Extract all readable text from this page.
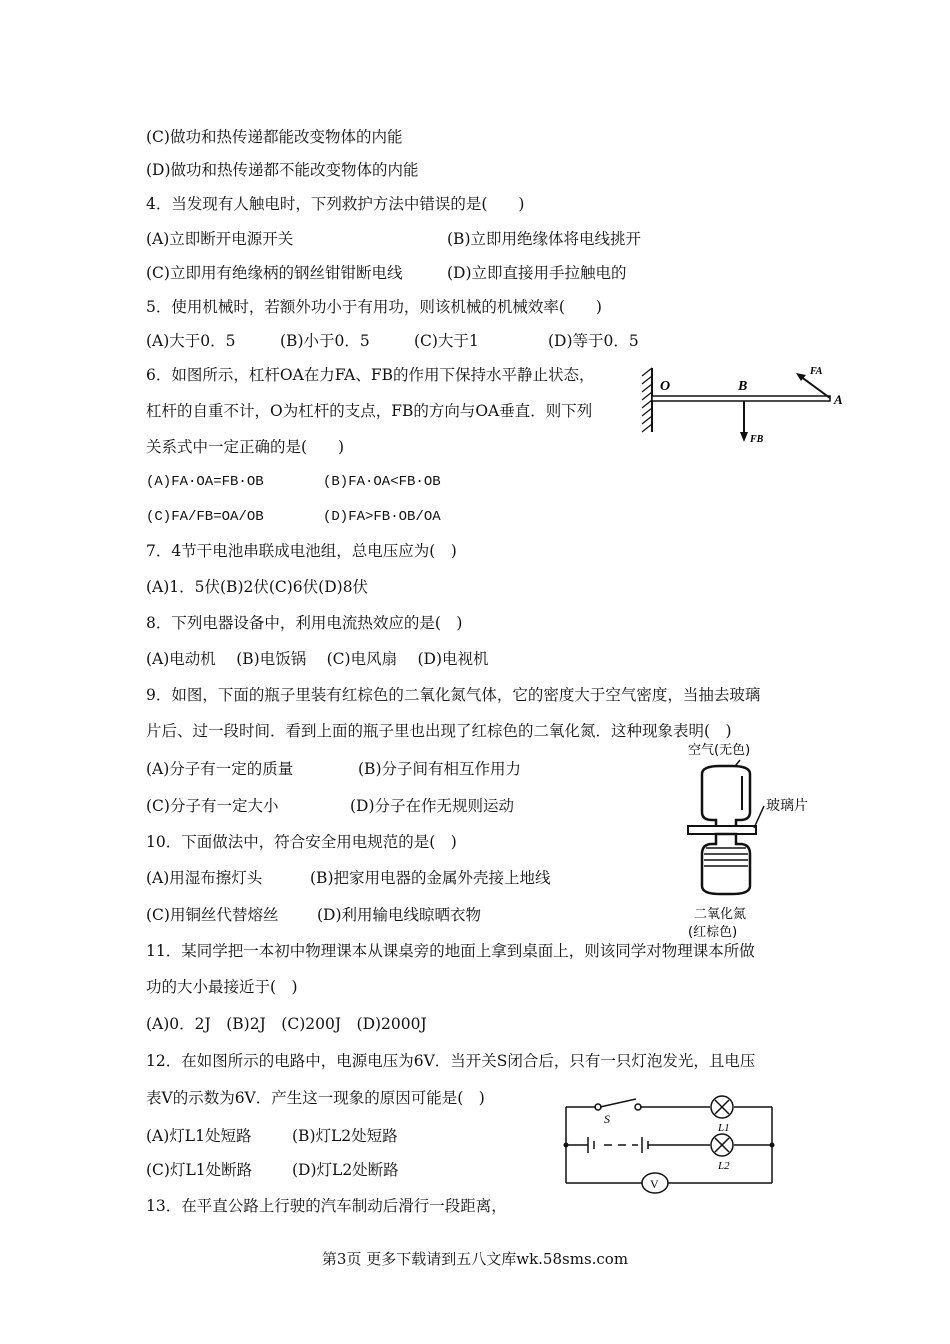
(C)做功和热传递都能改变物体的内能
(D)做功和热传递都不能改变物体的内能
4．当发现有人触电时，下列救护方法中错误的是(　　)
(A)立即断开电源开关	(B)立即用绝缘体将电线挑开
(C)立即用有绝缘柄的钢丝钳钳断电线	(D)立即直接用手拉触电的
5．使用机械时，若额外功小于有用功，则该机械的机械效率(　　)
(A)大于0．5	(B)小于0．5	(C)大于1	(D)等于0．5
6．如图所示，杠杆OA在力FA、FB的作用下保持水平静止状态，
杠杆的自重不计，O为杠杆的支点，FB的方向与OA垂直．则下列
关系式中一定正确的是(　　)
(A)FA·OA=FB·OB	(B)FA·OA<FB·OB
(C)FA/FB=OA/OB	(D)FA>FB·OB/OA
7．4节干电池串联成电池组，总电压应为(　)
(A)1．5伏(B)2伏(C)6伏(D)8伏
8．下列电器设备中，利用电流热效应的是(　)
(A)电动机　 (B)电饭锅　 (C)电风扇　 (D)电视机
9．如图，下面的瓶子里装有红棕色的二氧化氮气体，它的密度大于空气密度，当抽去玻璃
片后、过一段时间．看到上面的瓶子里也出现了红棕色的二氧化氮．这种现象表明(　)
(A)分子有一定的质量	(B)分子间有相互作用力
(C)分子有一定大小	(D)分子在作无规则运动
10．下面做法中，符合安全用电规范的是(　)
(A)用湿布擦灯头	(B)把家用电器的金属外壳接上地线
(C)用铜丝代替熔丝 (D)利用输电线晾晒衣物
11．某同学把一本初中物理课本从课桌旁的地面上拿到桌面上，则该同学对物理课本所做
功的大小最接近于(　)
(A)0．2J　(B)2J　(C)200J　(D)2000J
12．在如图所示的电路中，电源电压为6V．当开关S闭合后，只有一只灯泡发光，且电压
表V的示数为6V．产生这一现象的原因可能是(　)
(A)灯L1处短路	(B)灯L2处短路
(C)灯L1处断路	(D)灯L2处断路
13．在平直公路上行驶的汽车制动后滑行一段距离，
O	B
A
FA
FB
空气(无色)
玻璃片
二氧化氮
(红棕色)
S
L1
L2
V
第3页 更多下载请到五八文库wk.58sms.com
